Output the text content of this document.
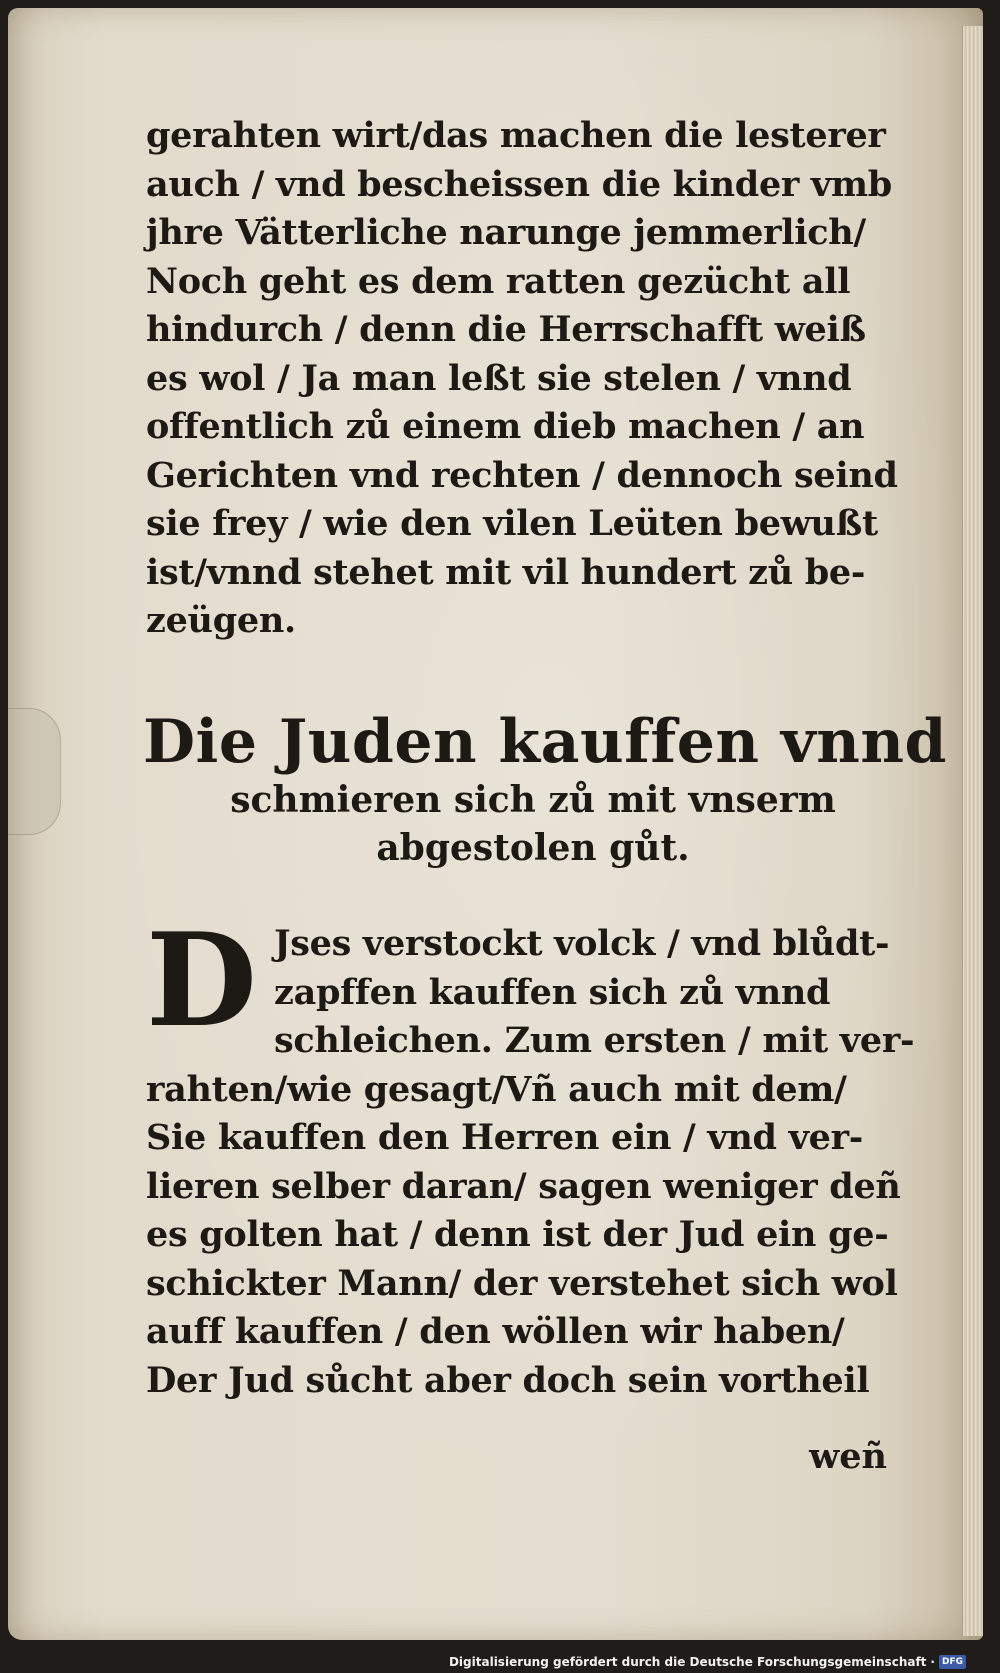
gerahten wirt/das machen die lesterer
auch / vnd bescheissen die kinder vmb
jhre Vätterliche narunge jemmerlich/
Noch geht es dem ratten gezücht all
hindurch / denn die Herrschafft weiß
es wol / Ja man leßt sie stelen / vnnd
offentlich zů einem dieb machen / an
Gerichten vnd rechten / dennoch seind
sie frey / wie den vilen Leüten bewußt
ist/vnnd stehet mit vil hundert zů be-
zeügen.
Die Juden kauffen vnnd
schmieren sich zů mit vnserm
abgestolen gůt.
D Jses verstockt volck / vnd blůdt-
zapffen kauffen sich zů vnnd
schleichen. Zum ersten / mit ver-
rahten/wie gesagt/Vñ auch mit dem/
Sie kauffen den Herren ein / vnd ver-
lieren selber daran/ sagen weniger deñ
es golten hat / denn ist der Jud ein ge-
schickter Mann/ der verstehet sich wol
auff kauffen / den wöllen wir haben/
Der Jud sůcht aber doch sein vortheil
weñ
Digitalisierung gefördert durch die Deutsche Forschungsgemeinschaft · DFG
